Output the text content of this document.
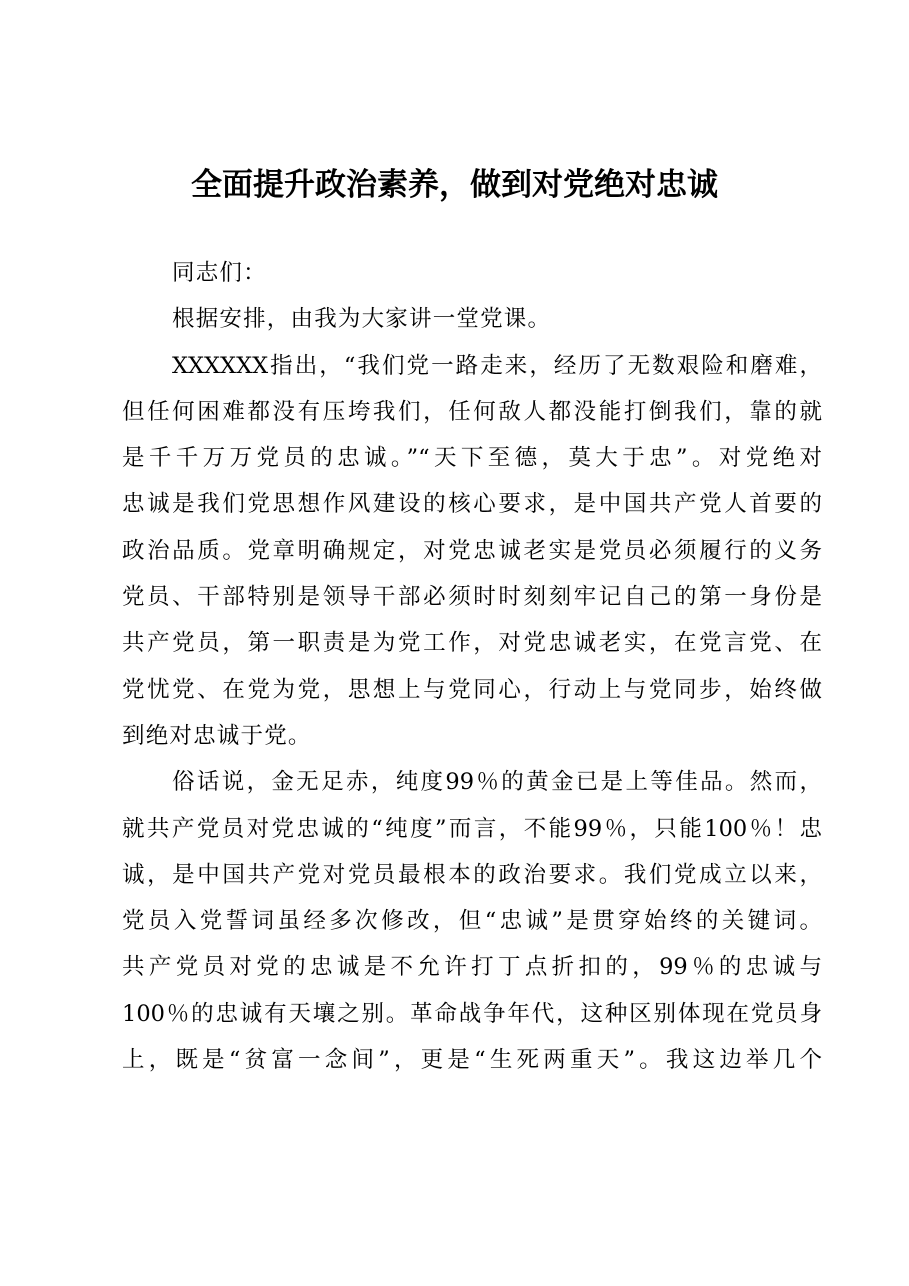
全面提升政治素养，做到对党绝对忠诚

同志们：

根据安排，由我为大家讲一堂党课。

XXXXXX指出，“我们党一路走来，经历了无数艰险和磨难，
但任何困难都没有压垮我们，任何敌人都没能打倒我们，靠的就
是千千万万党员的忠诚。”“天下至德，莫大于忠”。对党绝对
忠诚是我们党思想作风建设的核心要求，是中国共产党人首要的
政治品质。党章明确规定，对党忠诚老实是党员必须履行的义务
党员、干部特别是领导干部必须时时刻刻牢记自己的第一身份是
共产党员，第一职责是为党工作，对党忠诚老实，在党言党、在
党忧党、在党为党，思想上与党同心，行动上与党同步，始终做
到绝对忠诚于党。

俗话说，金无足赤，纯度99％的黄金已是上等佳品。然而，
就共产党员对党忠诚的“纯度”而言，不能99％，只能100％！忠
诚，是中国共产党对党员最根本的政治要求。我们党成立以来，
党员入党誓词虽经多次修改，但“忠诚”是贯穿始终的关键词。
共产党员对党的忠诚是不允许打丁点折扣的，99％的忠诚与
100％的忠诚有天壤之别。革命战争年代，这种区别体现在党员身
上，既是“贫富一念间”，更是“生死两重天”。我这边举几个
